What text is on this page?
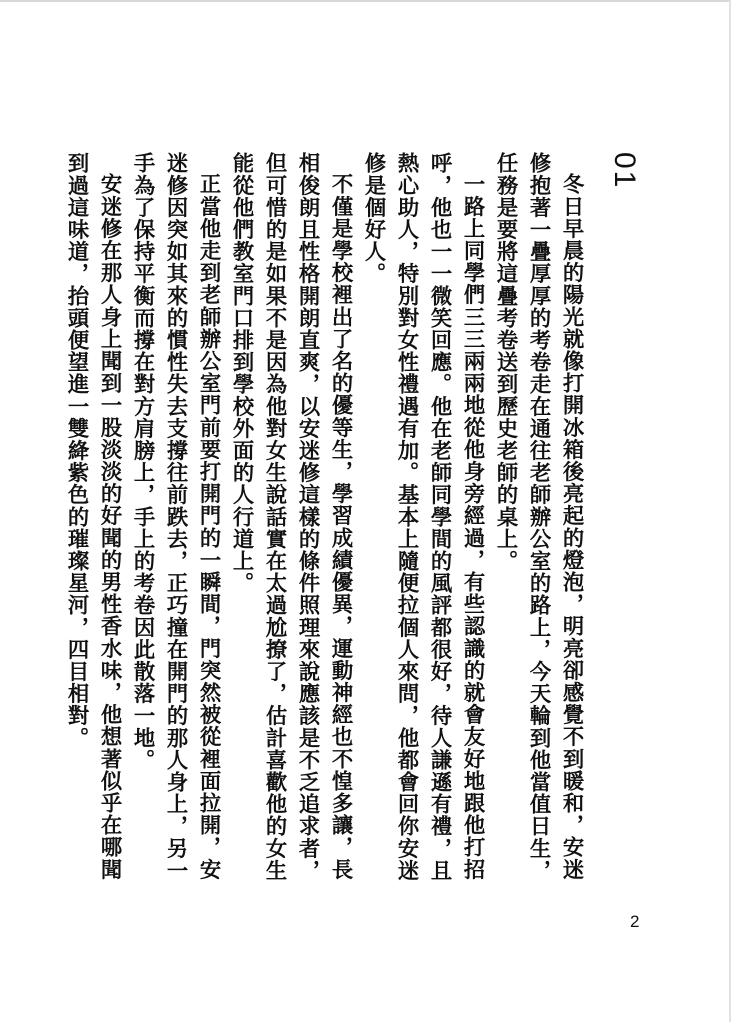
01

冬日早晨的陽光就像打開冰箱後亮起的燈泡，明亮卻感覺不到暖和，安迷修抱著一疊厚厚的考卷走在通往老師辦公室的路上，今天輪到他當值日生，任務是要將這疊考卷送到歷史老師的桌上。

一路上同學們三三兩兩地從他身旁經過，有些認識的就會友好地跟他打招呼，他也一一微笑回應。他在老師同學間的風評都很好，待人謙遜有禮，且熱心助人，特別對女性禮遇有加。基本上隨便拉個人來問，他都會回你安迷修是個好人。

不僅是學校裡出了名的優等生，學習成績優異，運動神經也不惶多讓，長相俊朗且性格開朗直爽，以安迷修這樣的條件照理來說應該是不乏追求者，但可惜的是如果不是因為他對女生說話實在太過尬撩了，估計喜歡他的女生能從他們教室門口排到學校外面的人行道上。

正當他走到老師辦公室門前要打開門的一瞬間，門突然被從裡面拉開，安迷修因突如其來的慣性失去支撐往前跌去，正巧撞在開門的那人身上，另一手為了保持平衡而撐在對方肩膀上，手上的考卷因此散落一地。

安迷修在那人身上聞到一股淡淡的好聞的男性香水味，他想著似乎在哪聞到過這味道，抬頭便望進一雙絳紫色的璀璨星河，四目相對。

2
